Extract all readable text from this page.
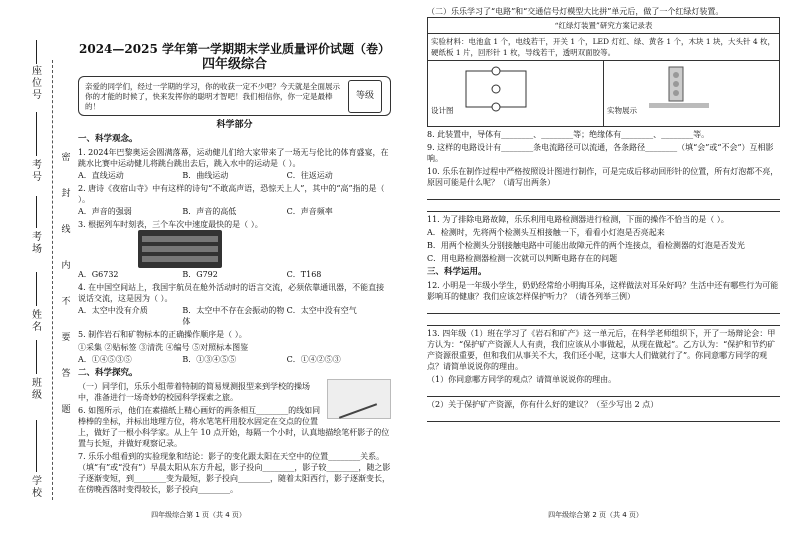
座位号
考号
考场
姓名
班级
学校
密
封
线
内
不
要
答
题
2024—2025 学年第一学期期末学业质量评价试题（卷）
四年级综合
亲爱的同学们，经过一学期的学习，你的收获一定不少吧？今天就是全面展示你的才能的时候了，快来发挥你的聪明才智吧！我们相信你，你一定是最棒的！
等级
科学部分
一、科学观念。
1. 2024年巴黎奥运会圆满落幕，运动健儿们给大家带来了一场无与伦比的体育盛宴，在跳水比赛中运动健儿将跳台跳出去后，跳入水中的运动是（ ）。
A．直线运动	B．曲线运动	C．往返运动
2. 唐诗《夜宿山寺》中有这样的诗句“不敢高声语，恐惊天上人”，其中的“高”指的是（ ）。
A．声音的强弱	B．声音的高低	C．声音频率
3. 根据列车时刻表，三个车次中速度最快的是（ ）。
A．G6732	B．G792	C．T168
4. 在中国空间站上，我国宇航员在舱外活动时的语言交流，必须依靠通讯器，不能直接说话交流，这是因为（ ）。
A．太空中没有介质	B．太空中不存在会振动的物体
C．太空中没有空气
5. 制作岩石和矿物标本的正确操作顺序是（ ）。
①采集 ②贴标签 ③清洗 ④编号 ⑤对照标本图鉴
A．①④⑤③⑤	B．①③④⑤⑤	C．①④②⑤③
二、科学探究。
（一）同学们，乐乐小组带着特制的简易规测报型来到学校的操场中，准备进行一场奇妙的校园科学探索之旅。
6. 如图所示，他们在素描纸上精心画好的两条相互________的线如同棒棒的坐标，并标出地理方位，将水笔笔杆用胶水固定在交点的位置上，做好了一根小科学家。从上午 10 点开始，每隔一个小时，认真地描绘笔杆影子的位置与长短，并做好观察记录。
7. 乐乐小组看到的实验现象和结论：影子的变化跟太阳在天空中的位置________关系。（填“有”或“没有”）早晨太阳从东方升起，影子投向________，影子较________，随之影子逐渐变短，到________变为最短，影子投向________，随着太阳西行，影子逐渐变长，在傍晚西落时变得较长，影子投向________。
四年级综合第 1 页（共 4 页）
（二）乐乐学习了“电路”和“交通信号灯模型大比拼”单元后，做了一个红绿灯装置。
“红绿灯装置”研究方案记录表
实验材料：电池盒 1 个，电线若干，开关 1 个，LED 灯红、绿、黄各 1 个，木块 1 块，大头针 4 枚，硬纸板 1 片，回形针 1 枚，导线若干，透明双面胶等。
设计图	实物展示
8. 此装置中，导体有________、________等；绝缘体有________、________等。
9. 这样的电路设计有________条电流路径可以流通，各条路径________（填“会”或“不会”）互相影响。
10. 乐乐在制作过程中严格按照设计图进行制作，可是完成后移动回形针的位置，所有灯泡都不亮，原因可能是什么呢？（请写出两条）
11. 为了排除电路故障，乐乐利用电路检测器进行检测，下面的操作不恰当的是（ ）。
A．检测时，先将两个检测头互相接触一下，看看小灯泡是否亮起来
B．用两个检测头分别接触电路中可能出故障元件的两个连接点，看检测器的灯泡是否发光
C．用电路检测器检测一次就可以判断电路存在的问题
三、科学运用。
12. 小明是一年级小学生，奶奶经常给小明掏耳朵，这样做法对耳朵好吗？生活中还有哪些行为可能影响耳的健康？我们应该怎样保护听力？（请各列举三例）
13. 四年级（1）班在学习了《岩石和矿产》这一单元后，在科学老师组织下，开了一场辩论会：甲方认为：“保护矿产资源人人有责，我们应该从小事做起，从现在做起”。乙方认为：“保护和节约矿产资源很重要，但和我们从事关不大，我们还小呢，这事大人们做就行了”。你同意哪方同学的观点？请简单说说你的理由。
（1）你同意哪方同学的观点？请简单说说你的理由。
（2）关于保护矿产资源，你有什么好的建议？（至少写出 2 点）
四年级综合第 2 页（共 4 页）
